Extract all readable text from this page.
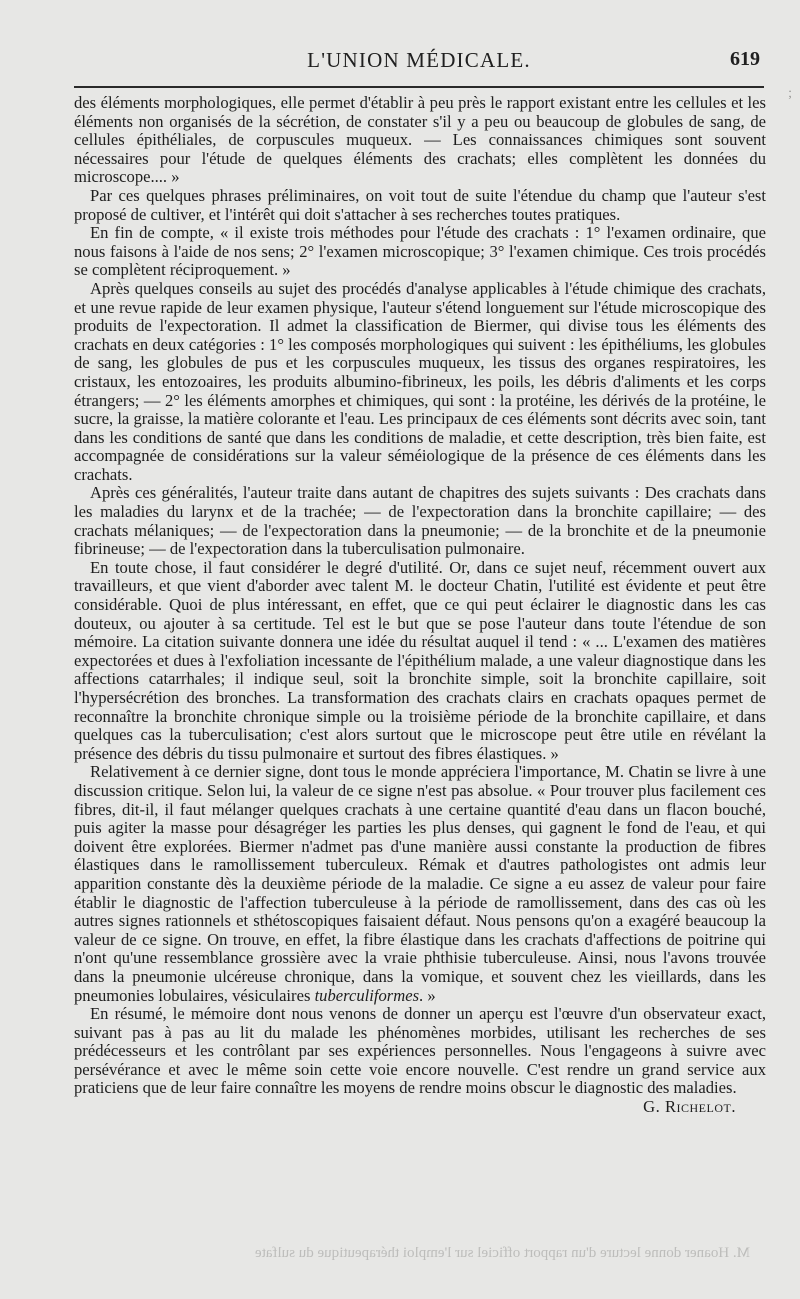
L'UNION MÉDICALE.	619
;

des éléments morphologiques, elle permet d'établir à peu près le rapport existant entre les cellules et les éléments non organisés de la sécrétion, de constater s'il y a peu ou beaucoup de globules de sang, de cellules épithéliales, de corpuscules muqueux. — Les connaissances chimiques sont souvent nécessaires pour l'étude de quelques éléments des crachats; elles complètent les données du microscope.... »

Par ces quelques phrases préliminaires, on voit tout de suite l'étendue du champ que l'auteur s'est proposé de cultiver, et l'intérêt qui doit s'attacher à ses recherches toutes pratiques.

En fin de compte, « il existe trois méthodes pour l'étude des crachats : 1° l'examen ordinaire, que nous faisons à l'aide de nos sens; 2° l'examen microscopique; 3° l'examen chimique. Ces trois procédés se complètent réciproquement. »

Après quelques conseils au sujet des procédés d'analyse applicables à l'étude chimique des crachats, et une revue rapide de leur examen physique, l'auteur s'étend longuement sur l'étude microscopique des produits de l'expectoration. Il admet la classification de Biermer, qui divise tous les éléments des crachats en deux catégories : 1° les composés morphologiques qui suivent : les épithéliums, les globules de sang, les globules de pus et les corpuscules muqueux, les tissus des organes respiratoires, les cristaux, les entozoaires, les produits albumino-fibrineux, les poils, les débris d'aliments et les corps étrangers; — 2° les éléments amorphes et chimiques, qui sont : la protéine, les dérivés de la protéine, le sucre, la graisse, la matière colorante et l'eau. Les principaux de ces éléments sont décrits avec soin, tant dans les conditions de santé que dans les conditions de maladie, et cette description, très bien faite, est accompagnée de considérations sur la valeur séméiologique de la présence de ces éléments dans les crachats.

Après ces généralités, l'auteur traite dans autant de chapitres des sujets suivants : Des crachats dans les maladies du larynx et de la trachée; — de l'expectoration dans la bronchite capillaire; — des crachats mélaniques; — de l'expectoration dans la pneumonie; — de la bronchite et de la pneumonie fibrineuse; — de l'expectoration dans la tuberculisation pulmonaire.

En toute chose, il faut considérer le degré d'utilité. Or, dans ce sujet neuf, récemment ouvert aux travailleurs, et que vient d'aborder avec talent M. le docteur Chatin, l'utilité est évidente et peut être considérable. Quoi de plus intéressant, en effet, que ce qui peut éclairer le diagnostic dans les cas douteux, ou ajouter à sa certitude. Tel est le but que se pose l'auteur dans toute l'étendue de son mémoire. La citation suivante donnera une idée du résultat auquel il tend : « ... L'examen des matières expectorées et dues à l'exfoliation incessante de l'épithélium malade, a une valeur diagnostique dans les affections catarrhales; il indique seul, soit la bronchite simple, soit la bronchite capillaire, soit l'hypersécrétion des bronches. La transformation des crachats clairs en crachats opaques permet de reconnaître la bronchite chronique simple ou la troisième période de la bronchite capillaire, et dans quelques cas la tuberculisation; c'est alors surtout que le microscope peut être utile en révélant la présence des débris du tissu pulmonaire et surtout des fibres élastiques. »

Relativement à ce dernier signe, dont tous le monde appréciera l'importance, M. Chatin se livre à une discussion critique. Selon lui, la valeur de ce signe n'est pas absolue. « Pour trouver plus facilement ces fibres, dit-il, il faut mélanger quelques crachats à une certaine quantité d'eau dans un flacon bouché, puis agiter la masse pour désagréger les parties les plus denses, qui gagnent le fond de l'eau, et qui doivent être explorées. Biermer n'admet pas d'une manière aussi constante la production de fibres élastiques dans le ramollissement tuberculeux. Rémak et d'autres pathologistes ont admis leur apparition constante dès la deuxième période de la maladie. Ce signe a eu assez de valeur pour faire établir le diagnostic de l'affection tuberculeuse à la période de ramollissement, dans des cas où les autres signes rationnels et sthétoscopiques faisaient défaut. Nous pensons qu'on a exagéré beaucoup la valeur de ce signe. On trouve, en effet, la fibre élastique dans les crachats d'affections de poitrine qui n'ont qu'une ressemblance grossière avec la vraie phthisie tuberculeuse. Ainsi, nous l'avons trouvée dans la pneumonie ulcéreuse chronique, dans la vomique, et souvent chez les vieillards, dans les pneumonies lobulaires, vésiculaires tuberculiformes. »

En résumé, le mémoire dont nous venons de donner un aperçu est l'œuvre d'un observateur exact, suivant pas à pas au lit du malade les phénomènes morbides, utilisant les recherches de ses prédécesseurs et les contrôlant par ses expériences personnelles. Nous l'engageons à suivre avec persévérance et avec le même soin cette voie encore nouvelle. C'est rendre un grand service aux praticiens que de leur faire connaître les moyens de rendre moins obscur le diagnostic des maladies.
G. Richelot.

M. Hoaner donne lecture d'un rapport officiel sur l'emploi thérapeutique du sulfate
